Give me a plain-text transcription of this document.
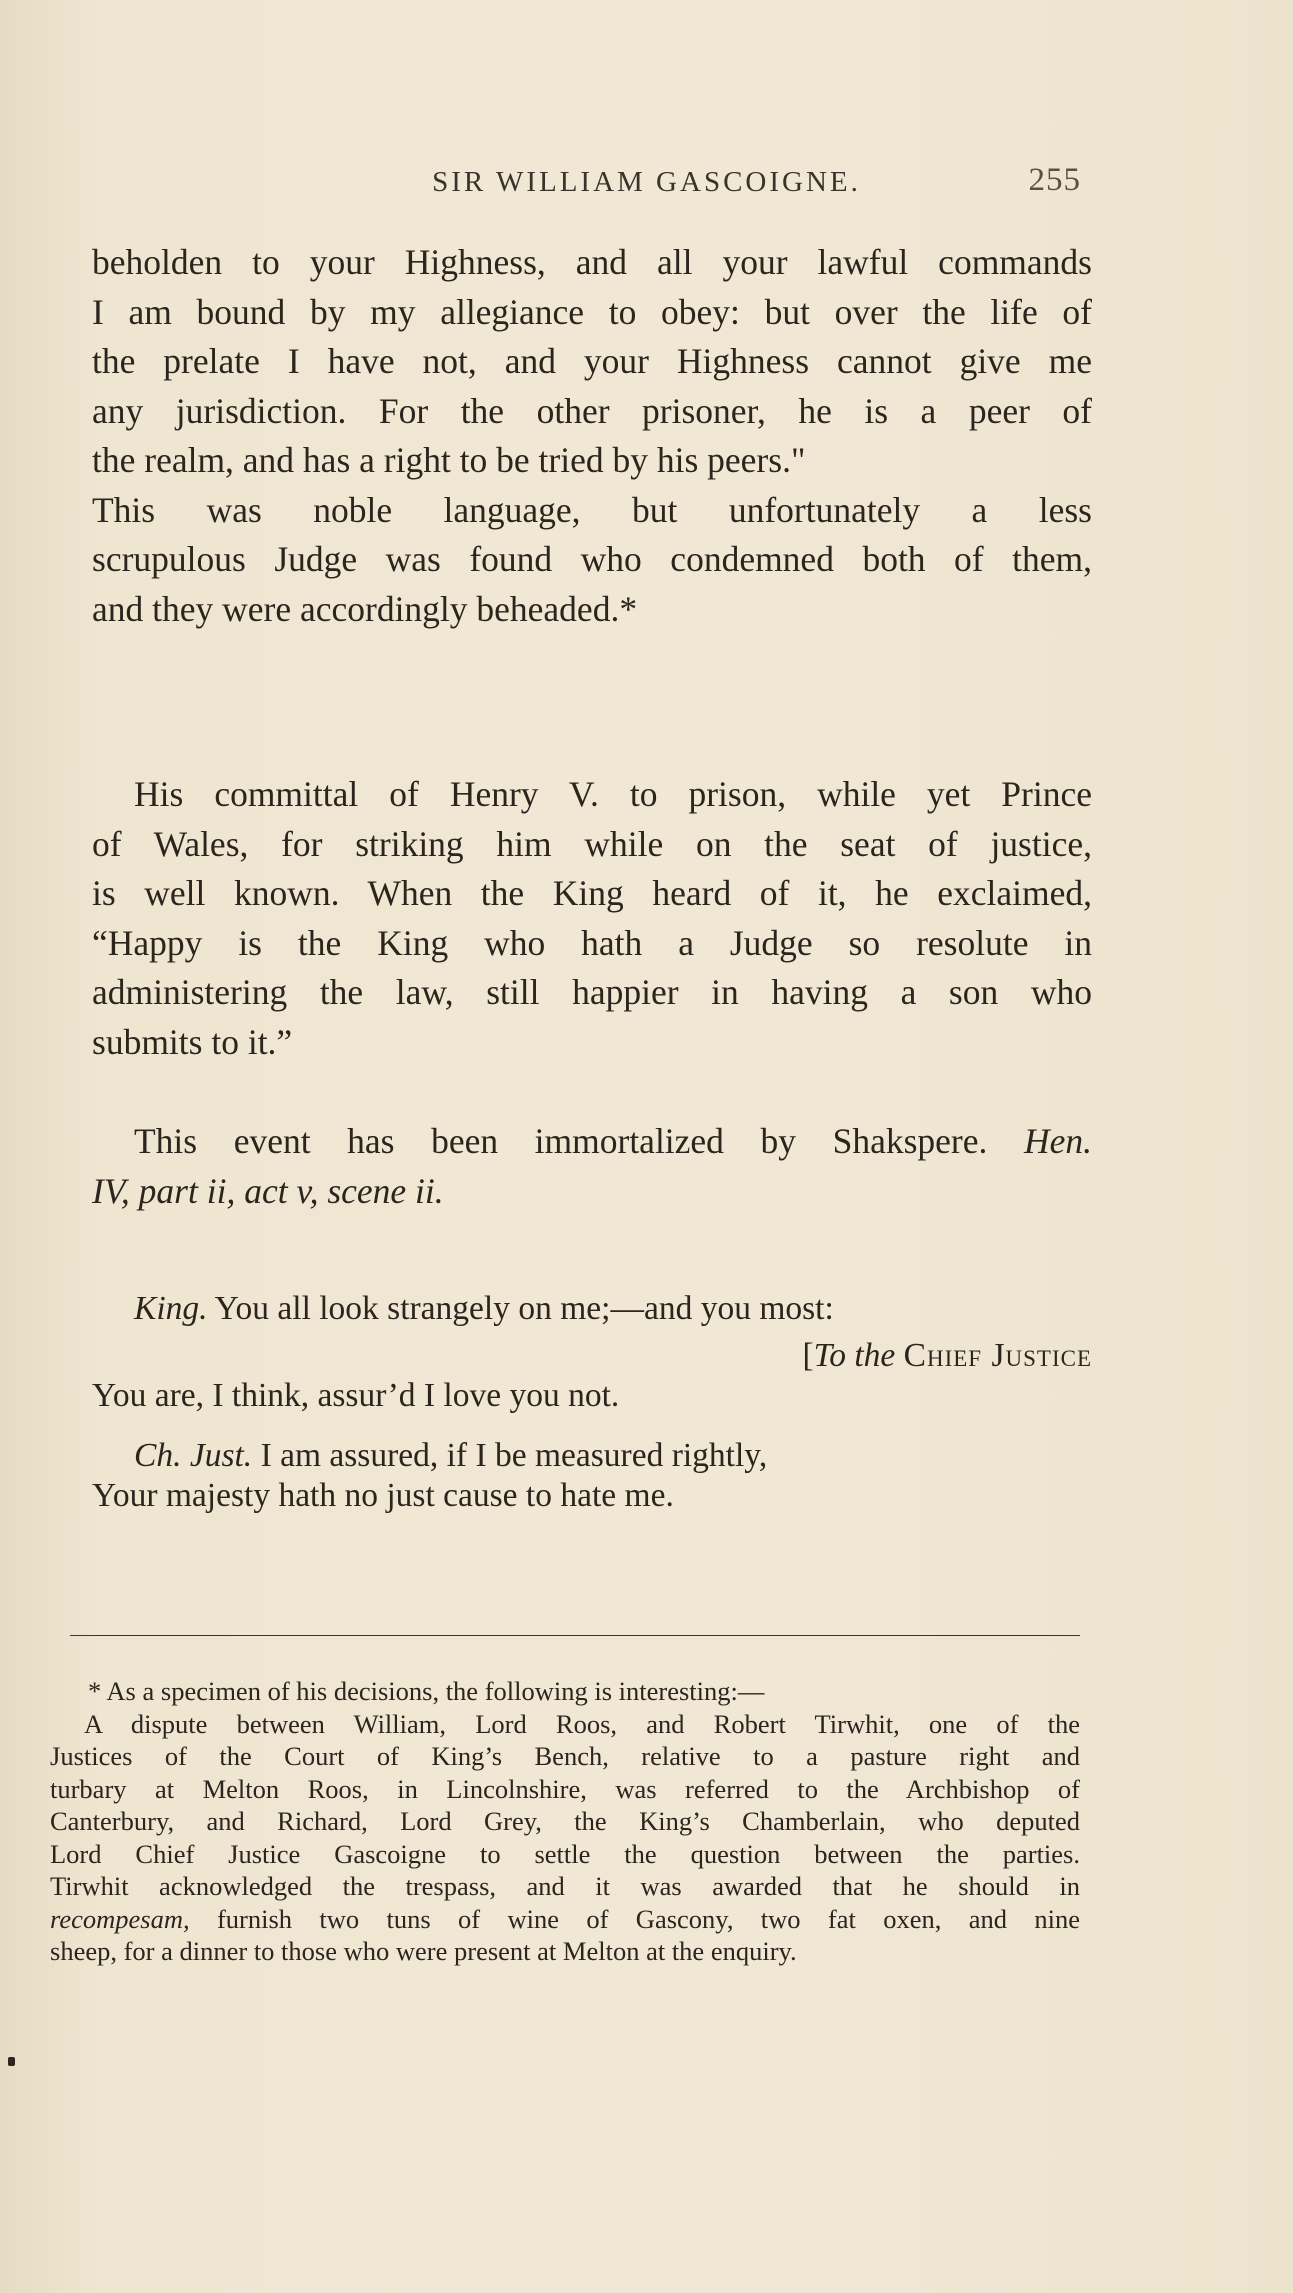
SIR WILLIAM GASCOIGNE.	255
beholden to your Highness, and all your lawful commands
I am bound by my allegiance to obey: but over the life of
the prelate I have not, and your Highness cannot give me
any jurisdiction. For the other prisoner, he is a peer of
the realm, and has a right to be tried by his peers."
This was noble language, but unfortunately a less
scrupulous Judge was found who condemned both of them,
and they were accordingly beheaded.*
His committal of Henry V. to prison, while yet Prince
of Wales, for striking him while on the seat of justice,
is well known. When the King heard of it, he exclaimed,
“Happy is the King who hath a Judge so resolute in
administering the law, still happier in having a son who
submits to it.”
This event has been immortalized by Shakspere. Hen.
IV, part ii, act v, scene ii.
King. You all look strangely on me;—and you most:
[To the Chief Justice
You are, I think, assur’d I love you not.
Ch. Just. I am assured, if I be measured rightly,
Your majesty hath no just cause to hate me.
* As a specimen of his decisions, the following is interesting:—
A dispute between William, Lord Roos, and Robert Tirwhit, one of the
Justices of the Court of King’s Bench, relative to a pasture right and
turbary at Melton Roos, in Lincolnshire, was referred to the Archbishop of
Canterbury, and Richard, Lord Grey, the King’s Chamberlain, who deputed
Lord Chief Justice Gascoigne to settle the question between the parties.
Tirwhit acknowledged the trespass, and it was awarded that he should in
recompesam, furnish two tuns of wine of Gascony, two fat oxen, and nine
sheep, for a dinner to those who were present at Melton at the enquiry.
